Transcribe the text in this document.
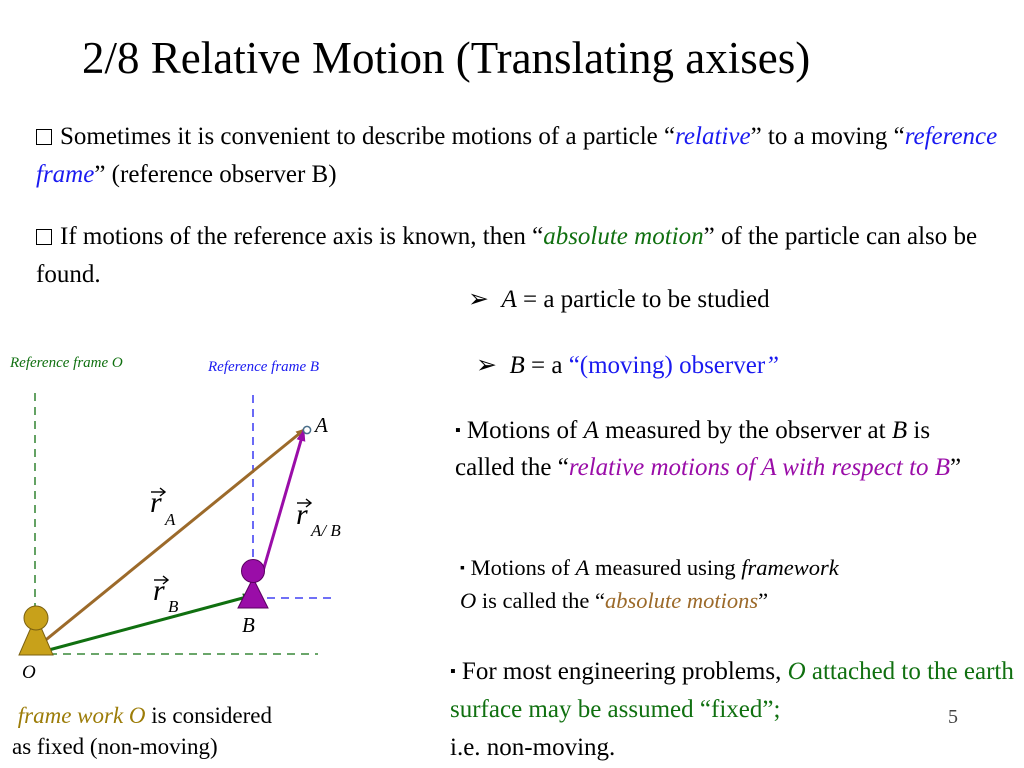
2/8 Relative Motion (Translating axises)
Sometimes it is convenient to describe motions of a particle “relative” to a moving “reference frame” (reference observer B)
If motions of the reference axis is known, then “absolute motion” of the particle can also be found.
➢ A = a particle to be studied
➢ B = a “(moving) observer”
▪ Motions of A measured by the observer at B is called the “relative motions of A with respect to B”
▪ Motions of A measured using framework
O is called the “absolute motions”
▪ For most engineering problems, O attached to the earth surface may be assumed “fixed”;
i.e. non-moving.
5
frame work O is considered
as fixed (non-moving)
Reference frame O	Reference frame B
A
B
O
r
A
r B
r A/ B
